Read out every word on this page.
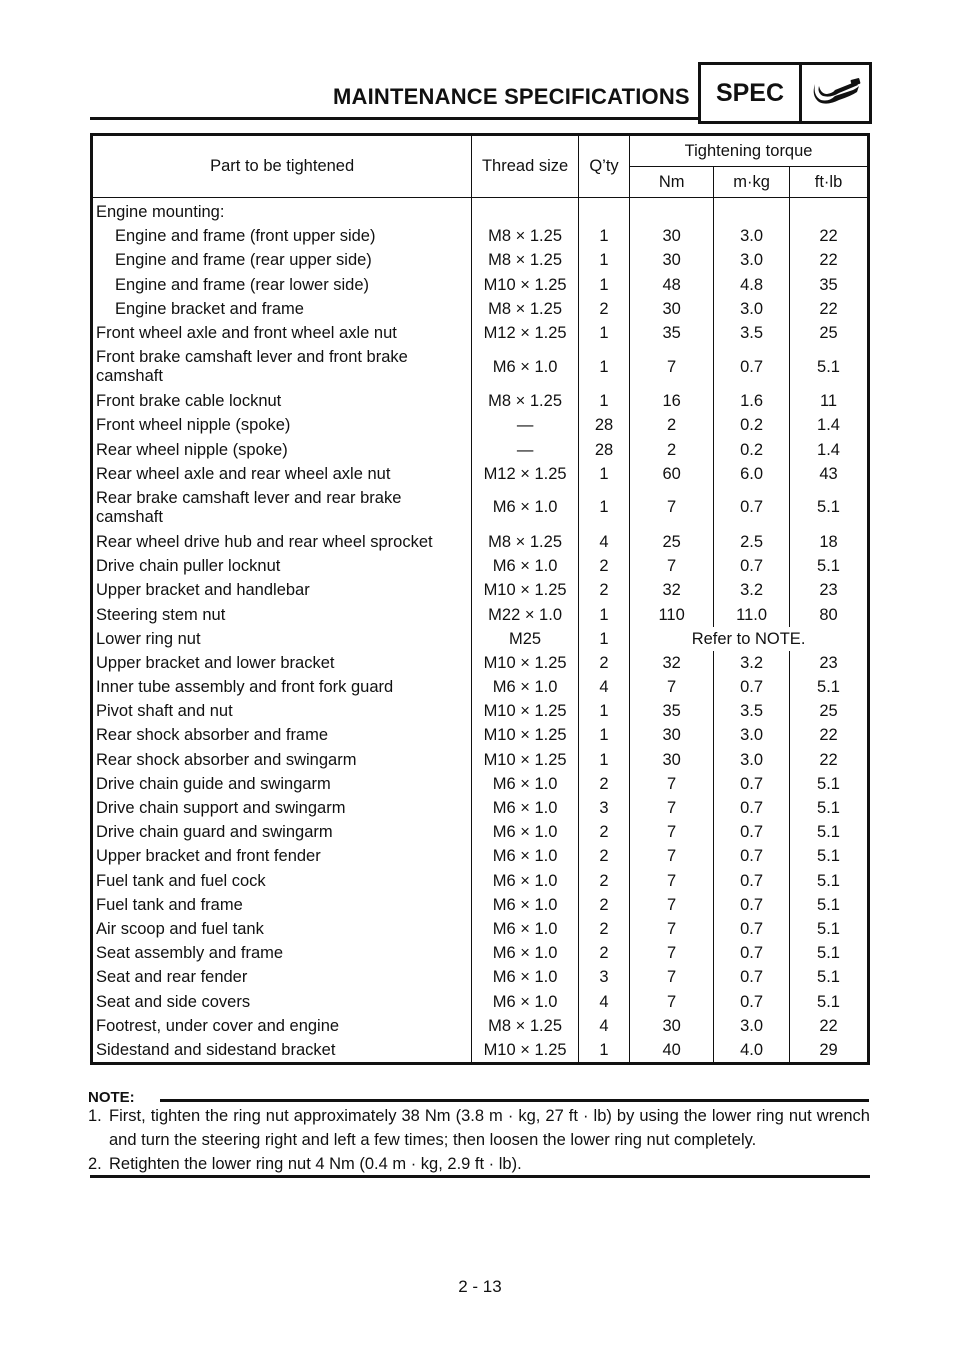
MAINTENANCE SPECIFICATIONS	SPEC
Part to be tightened	Thread size	Q’ty	Tightening torque		
			Nm	m·kg	ft·lb
Engine mounting:					
Engine and frame (front upper side)	M8 × 1.25	1	30	3.0	22
Engine and frame (rear upper side)	M8 × 1.25	1	30	3.0	22
Engine and frame (rear lower side)	M10 × 1.25	1	48	4.8	35
Engine bracket and frame	M8 × 1.25	2	30	3.0	22
Front wheel axle and front wheel axle nut	M12 × 1.25	1	35	3.5	25
Front brake camshaft lever and front brake
camshaft	M6 × 1.0	1	7	0.7	5.1
Front brake cable locknut	M8 × 1.25	1	16	1.6	11
Front wheel nipple (spoke)	—	28	2	0.2	1.4
Rear wheel nipple (spoke)	—	28	2	0.2	1.4
Rear wheel axle and rear wheel axle nut	M12 × 1.25	1	60	6.0	43
Rear brake camshaft lever and rear brake
camshaft	M6 × 1.0	1	7	0.7	5.1
Rear wheel drive hub and rear wheel sprocket	M8 × 1.25	4	25	2.5	18
Drive chain puller locknut	M6 × 1.0	2	7	0.7	5.1
Upper bracket and handlebar	M10 × 1.25	2	32	3.2	23
Steering stem nut	M22 × 1.0	1	110	11.0	80
Lower ring nut	M25	1	Refer to NOTE.		
Upper bracket and lower bracket	M10 × 1.25	2	32	3.2	23
Inner tube assembly and front fork guard	M6 × 1.0	4	7	0.7	5.1
Pivot shaft and nut	M10 × 1.25	1	35	3.5	25
Rear shock absorber and frame	M10 × 1.25	1	30	3.0	22
Rear shock absorber and swingarm	M10 × 1.25	1	30	3.0	22
Drive chain guide and swingarm	M6 × 1.0	2	7	0.7	5.1
Drive chain support and swingarm	M6 × 1.0	3	7	0.7	5.1
Drive chain guard and swingarm	M6 × 1.0	2	7	0.7	5.1
Upper bracket and front fender	M6 × 1.0	2	7	0.7	5.1
Fuel tank and fuel cock	M6 × 1.0	2	7	0.7	5.1
Fuel tank and frame	M6 × 1.0	2	7	0.7	5.1
Air scoop and fuel tank	M6 × 1.0	2	7	0.7	5.1
Seat assembly and frame	M6 × 1.0	2	7	0.7	5.1
Seat and rear fender	M6 × 1.0	3	7	0.7	5.1
Seat and side covers	M6 × 1.0	4	7	0.7	5.1
Footrest, under cover and engine	M8 × 1.25	4	30	3.0	22
Sidestand and sidestand bracket	M10 × 1.25	1	40	4.0	29
NOTE:
1. First, tighten the ring nut approximately 38 Nm (3.8 m · kg, 27 ft · lb) by using the lower ring nut wrench and turn the steering right and left a few times; then loosen the lower ring nut completely.
2. Retighten the lower ring nut 4 Nm (0.4 m · kg, 2.9 ft · lb).
2 - 13
